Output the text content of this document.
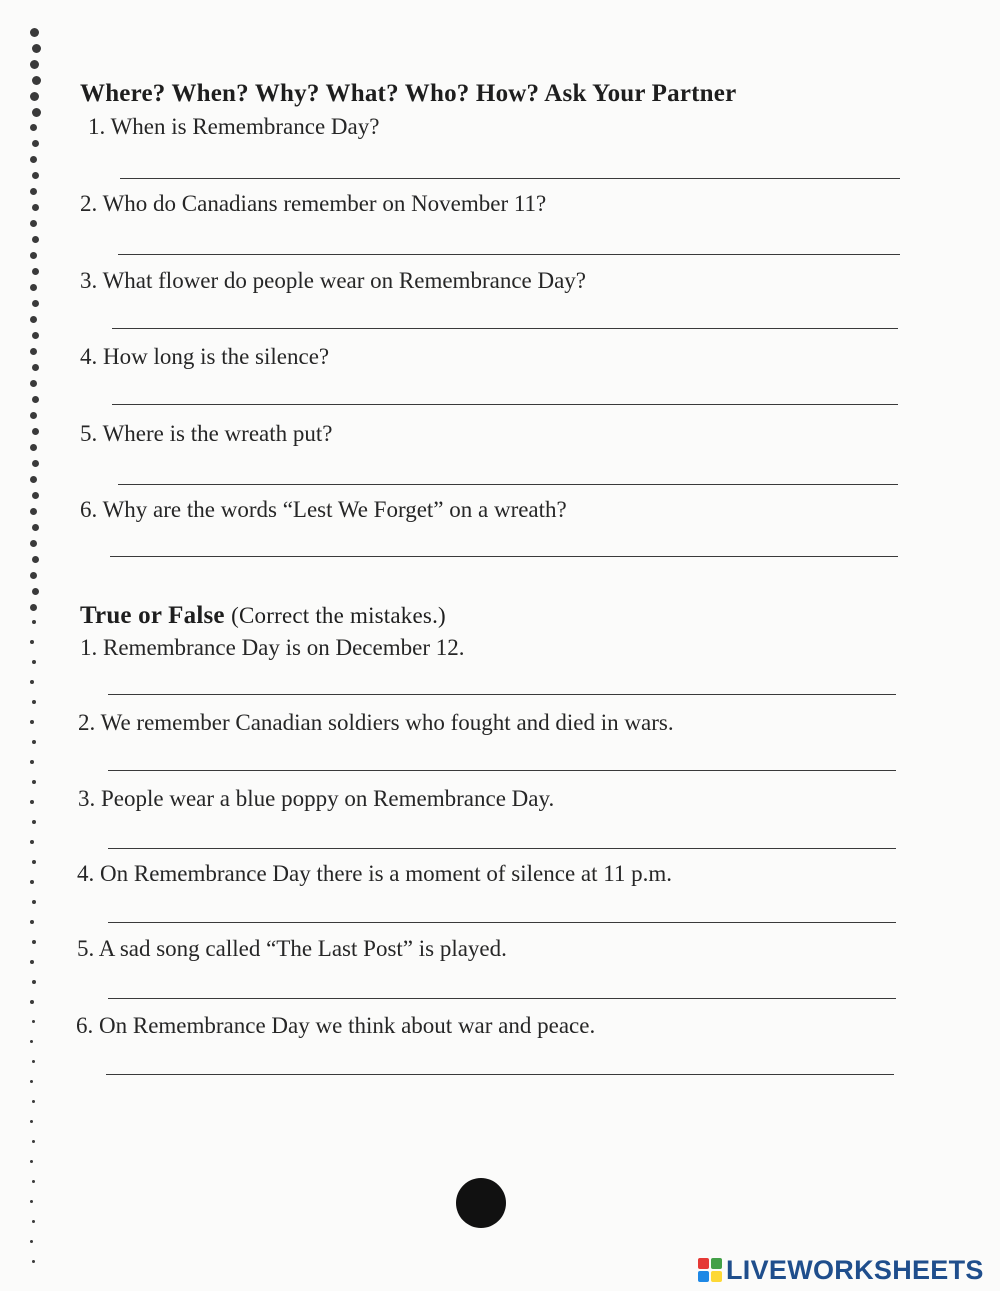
Where? When? Why? What? Who? How? Ask Your Partner
1. When is Remembrance Day?
2. Who do Canadians remember on November 11?
3. What flower do people wear on Remembrance Day?
4. How long is the silence?
5. Where is the wreath put?
6. Why are the words “Lest We Forget” on a wreath?
True or False (Correct the mistakes.)
1. Remembrance Day is on December 12.
2. We remember Canadian soldiers who fought and died in wars.
3. People wear a blue poppy on Remembrance Day.
4. On Remembrance Day there is a moment of silence at 11 p.m.
5. A sad song called “The Last Post” is played.
6. On Remembrance Day we think about war and peace.
LIVEWORKSHEETS
